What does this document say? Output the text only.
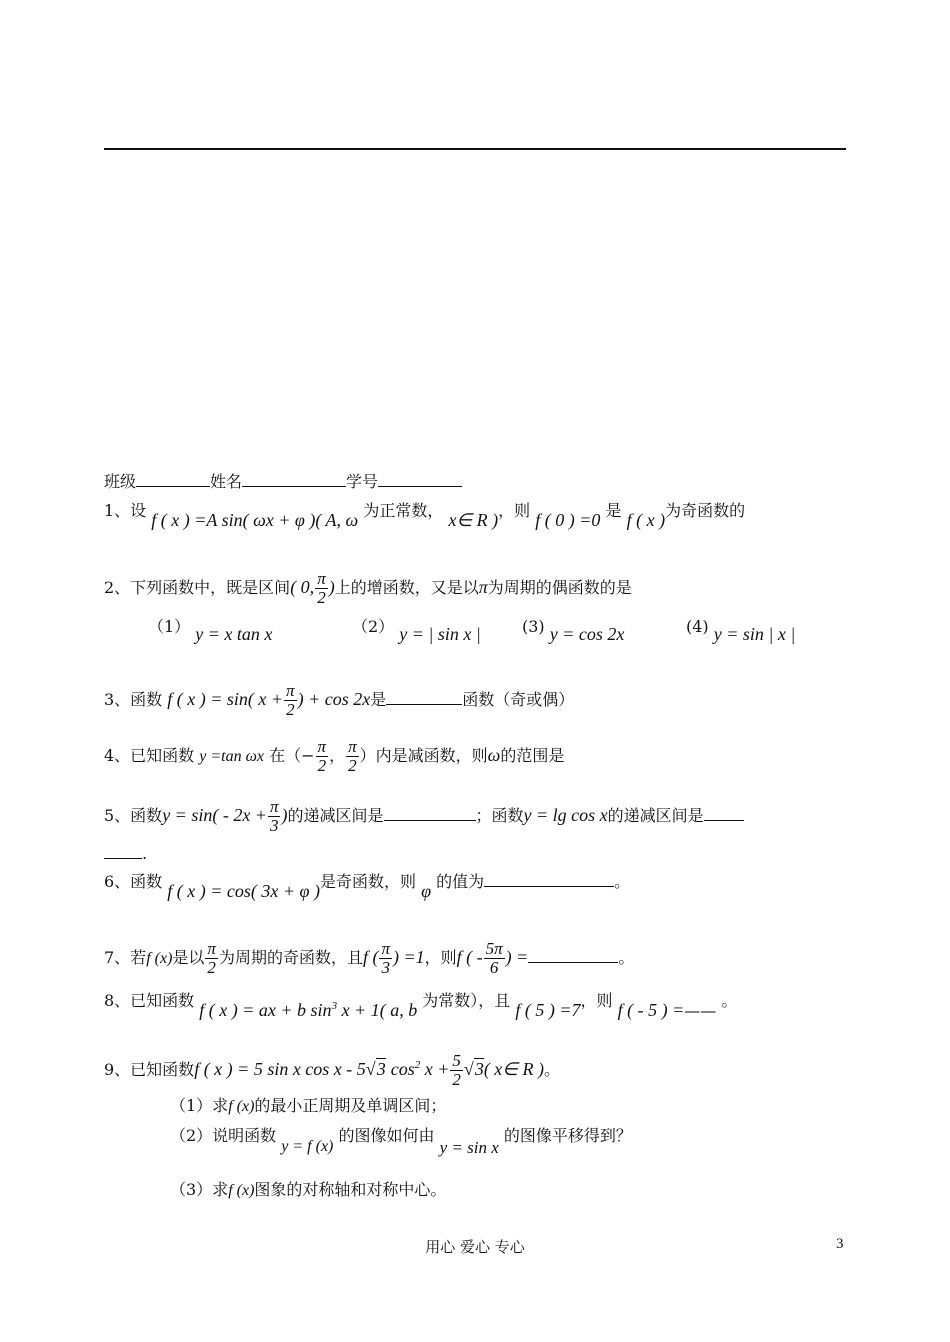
班级	姓名	学号
1、设 f ( x ) =A sin( ωx + φ )( A, ω 为正常数， x∈ R )，则 f ( 0 ) =0 是 f ( x )为奇函数的
2、下列函数中，既是区间( 0, $\frac{\pi}{2}$ )上的增函数，又是以π为周期的偶函数的是
（1） y = x tan x	（2） y = | sin x |	(3) y = cos 2x	(4) y = sin | x |
3、函数 f ( x ) = sin( $x + \frac{\pi}{2}$ ) + cos 2x是	函数（奇或偶）
4、已知函数 y =tan ωx 在（− $\frac{\pi}{2}$ ， $\frac{\pi}{2}$ ）内是减函数，则ω的范围是
5、函数$y = \sin( - 2x + \frac{\pi}{3}$ )的递减区间是	；函数y = lg cos x的递减区间是
.
6、函数 f ( x ) = cos( 3x + φ )是奇函数，则 φ 的值为	。
7、若f (x)是以 $\frac{\pi}{2}$ 为周期的奇函数，且f ( $\frac{\pi}{3}$ ) =1，则f ( - $\frac{5\pi}{6}$ ) =	。
8、已知函数 f ( x ) = ax + b $\sin^3 x + 1$( a, b 为常数），且 f ( 5 ) =7，则 f ( - 5 ) =—— 。
9、已知函数f ( x ) = 5 sin x cos x - 5√3 $\cos^2 x + \frac{5}{2} √3$( x∈ R )。
（1）求f (x)的最小正周期及单调区间；
（2）说明函数 y = f (x) 的图像如何由 y = sin x 的图像平移得到？
（3）求f (x)图象的对称轴和对称中心。
用心 爱心 专心	3
